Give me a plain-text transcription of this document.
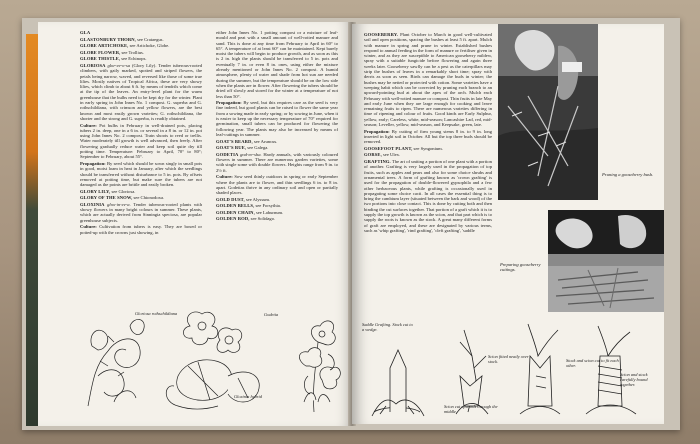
GLA

GLASTONBURY THORN, see Crataegus.

GLOBE ARTICHOKE, see Artichoke, Globe.

GLOBE FLOWER, see Trollius.

GLOBE THISTLE, see Echinops.

GLORIOSA glor-ee-o-sa (Glory Lily). Tender tuberous-rooted climbers, with gaily marked, spotted and striped flowers, the petals being narrow, waved, and reversed like those of some true lilies. Mostly natives of Tropical Africa, these are very showy lilies, which climb to about 6 ft. by means of tendrils which come at the tip of the leaves. An entry-level plant for the warm greenhouse that the bulbs need to be kept dry for the winter. Plant in early spring in John Innes No. 1 compost. G. superba and G. rothschildiana, with crimson and yellow flowers, are the best known and most easily grown varieties; G. rothschildiana, the shorter and the strong and G. superba, is readily obtained.

Culture: Pot bulbs in February in well-drained pots, placing tubers 2 in. deep, one in a 6 in. or several in a 8 in. or 12 in. pot using John Innes No. 2 compost. Train shoots to reed or trellis. Water moderately till growth is well advanced, then freely. After flowering gradually reduce water and keep soil quite dry till potting time. Temperature: February to April, 70° to 80°; September to February, about 55°.

Propagation: By seed which should be sown singly in small pots in good, moist loam in heat in January, after which the seedlings should be transferred without disturbance to 5 in. pots. By offsets removed at potting time, but make sure the tubers are not damaged as the points are brittle and easily broken.

GLORY LILY, see Gloriosa.

GLORY OF THE SNOW, see Chionodoxa.

GLOXINIA glox-in-ee-a. Tender tuberous-rooted plants with showy flowers in many bright colours in summer. These plants, which are actually derived from Sinningia speciosa, are popular greenhouse subjects.

Culture: Cultivation from tubers is easy. They are boxed or potted-up with the crowns just showing, in

either John Innes No. 1 potting compost or a mixture of leaf-mould and peat with a small amount of well-rotted manure and sand. This is done at any time from February to April in 60° to 65°. A temperature of at least 60° can be maintained. Kept barely moist the tubers will begin to produce growth, and as soon as this is 2 in. high the plants should be transferred to 5 in. pots and eventually 7 in. or even 8 in. ones, using either the mixture already mentioned or John Innes No. 2 compost. A humid atmosphere, plenty of water and shade from hot sun are needed during the summer, but the temperature should be on the low side when the plants are in flower. After flowering the tubers should be dried off slowly and stored for the winter at a temperature of not less than 50°.

Propagation: By seed, but this requires care as the seed is very fine indeed, but good plants can be raised to flower the same year from a sowing made in early spring; or by sowing in June, when it is easier to keep up the necessary temperature of 70° required for germination, small tubers can be produced for flowering the following year. The plants may also be increased by means of leaf-cuttings in summer.

GOAT'S BEARD, see Aruncus.

GOAT'S RUE, see Galega.

GODETIA god-ee-sha. Hardy annuals, with variously coloured flowers in summer. There are numerous garden varieties, some with single some with double flowers. Heights range from 9 in. to 2½ ft.

Culture: Sow seed thinly outdoors in spring or early September where the plants are to flower, and thin seedlings 6 in. to 8 in. apart. Godetias thrive in any ordinary soil and open or partially shaded places.

GOLD DUST, see Alyssum.

GOLDEN BELLS, see Forsythia.

GOLDEN CHAIN, see Laburnum.

GOLDEN ROD, see Solidago.

Gloriosa rothschildiana
Gloxinia hybrid
Godetia

GOOSEBERRY. Plant October to March in good well-cultivated soil and open positions, spacing the bushes at least 5 ft. apart. Mulch with manure in spring and prune in winter. Established bushes respond to annual feeding in the form of manure or fertiliser given in winter, and as they are susceptible to American gooseberry mildew, spray with a suitable fungicide before flowering and again three weeks later. Gooseberry sawfly can be a pest as the caterpillars may strip the bushes of leaves in a remarkably short time; spray with derris as soon as seen. Birds can damage the buds in winter; the bushes may be netted or protected with cotton. Some varieties have a weeping habit which can be corrected by pruning each branch to an upward-pointing bud at about the apex of the arch. Mulch each February with well-rotted manure or compost. Thin fruits in late May and early June when they are large enough for cooking and leave remaining fruits to ripen. There are numerous varieties differing in time of ripening and colour of fruits. Good kinds are Early Sulphur, yellow, early; Careless, white, mid-season; Lancashire Lad, red, mid-season; Leveller, yellow, mid-season, and Keepsake, green, late.

Propagation: By cutting of firm young stems 8 in. to 9 in. long inserted in light soil in October. All but the top three buds should be removed.

GOOSEFOOT PLANT, see Syngonium.

GORSE, see Ulex.

GRAFTING. The art of uniting a portion of one plant with a portion of another. Grafting is very largely used in the propagation of top fruits, such as apples and pears and also for some choice shrubs and ornamental trees. A form of grafting known as 'crown grafting' is used for the propagation of double-flowered gypsophila and a few other herbaceous plants, while grafting is occasionally used in propagating some choice cacti. In all cases the essential thing is to bring the cambium layer (situated between the bark and wood) of the two portions into close contact. This is done by cutting both and then binding the cut surfaces together. That portion of a graft which it is to supply the top growth is known as the scion, and that part which is to supply the roots is known as the stock. A great many different forms of graft are employed, and these are designated by various terms, such as 'whip grafting', 'rind grafting', 'cleft grafting', 'saddle

Pruning a gooseberry bush.
Preparing gooseberry cuttings.
Saddle Grafting. Stock cut to a wedge.
Scion fitted neatly over stock.	Stock and scion cut to fit each other.
Scion cut upwards through the middle.
Scion and stock carefully bound together.
